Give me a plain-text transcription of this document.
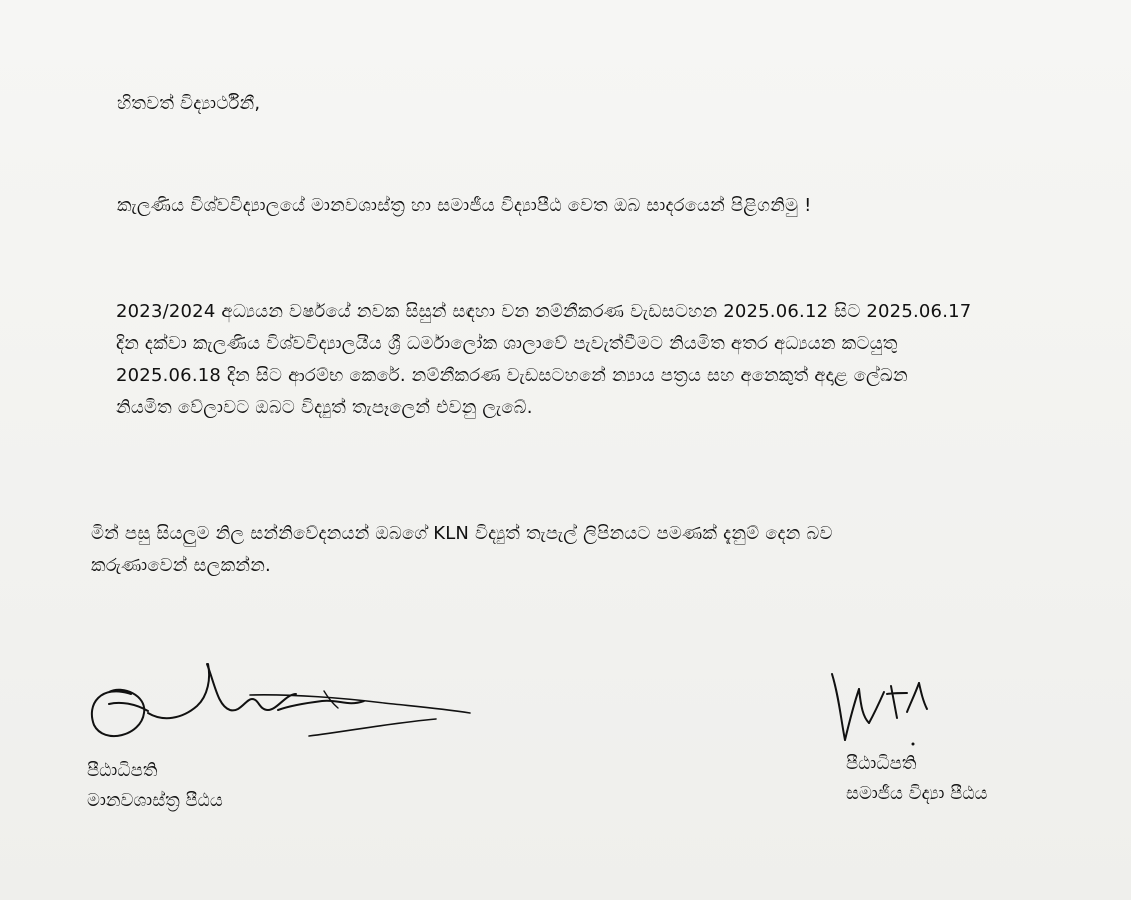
හිතවත් විද්‍යාර්ථිනී,
කැලණිය විශ්වවිද්‍යාලයේ මානවශාස්ත්‍ර හා සමාජීය විද්‍යාපීඨ වෙත ඔබ සාදරයෙන් පිළිගනිමු !
2023/2024 අධ්‍යයන වර්ෂයේ නවක සිසුන් සඳහා වන නම්නීකරණ වැඩසටහන 2025.06.12 සිට 2025.06.17
දින දක්වා කැලණිය විශ්වවිද්‍යාලයීය ශ්‍රී ධර්මාලෝක ශාලාවේ පැවැත්වීමට නියමිත අතර අධ්‍යයන කටයුතු
2025.06.18 දින සිට ආරම්භ කෙරේ. නම්නීකරණ වැඩසටහනේ න්‍යාය පත්‍රය සහ අනෙකුත් අදාළ ලේඛන
නියමිත වේලාවට ඔබට විද්‍යුත් තැපෑලෙන් එවනු ලැබේ.
මින් පසු සියලුම නිල සන්නිවේදනයන් ඔබගේ KLN විද්‍යුත් තැපැල් ලිපිනයට පමණක් දැනුම් දෙන බව
කරුණාවෙන් සලකන්න.
පීඨාධිපති
මානවශාස්ත්‍ර පීඨය
පීඨාධිපති
සමාජීය විද්‍යා පීඨය
